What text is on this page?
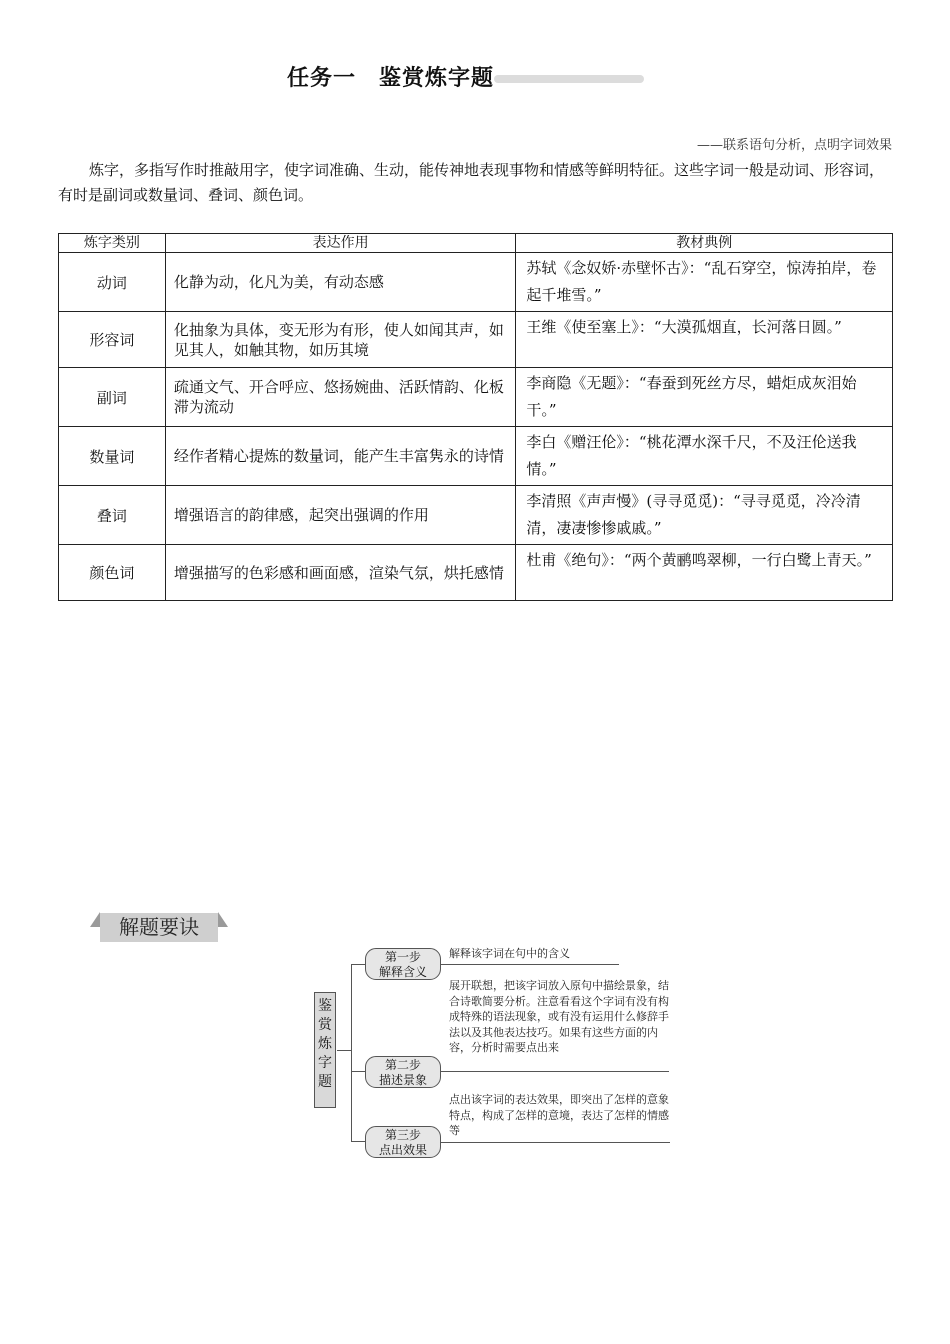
任务一　鉴赏炼字题
——联系语句分析，点明字词效果
炼字，多指写作时推敲用字，使字词准确、生动，能传神地表现事物和情感等鲜明特征。这些字词一般是动词、形容词，有时是副词或数量词、叠词、颜色词。
炼字类别	表达作用	教材典例
动词	化静为动，化凡为美，有动态感	苏轼《念奴娇·赤壁怀古》：“乱石穿空，惊涛拍岸，卷起千堆雪。”
形容词	化抽象为具体，变无形为有形，使人如闻其声，如见其人，如触其物，如历其境	王维《使至塞上》：“大漠孤烟直，长河落日圆。”
副词	疏通文气、开合呼应、悠扬婉曲、活跃情韵、化板滞为流动	李商隐《无题》：“春蚕到死丝方尽，蜡炬成灰泪始干。”
数量词	经作者精心提炼的数量词，能产生丰富隽永的诗情	李白《赠汪伦》：“桃花潭水深千尺，不及汪伦送我情。”
叠词	增强语言的韵律感，起突出强调的作用	李清照《声声慢》(寻寻觅觅)：“寻寻觅觅，冷冷清清，凄凄惨惨戚戚。”
颜色词	增强描写的色彩感和画面感，渲染气氛，烘托感情	杜甫《绝句》：“两个黄鹂鸣翠柳，一行白鹭上青天。”
解题要诀
鉴
赏
炼
字
题
第一步
解释含义
解释该字词在句中的含义
第二步
描述景象
展开联想，把该字词放入原句中描绘景象，结合诗歌简要分析。注意看看这个字词有没有构成特殊的语法现象，或有没有运用什么修辞手法以及其他表达技巧。如果有这些方面的内容，分析时需要点出来
第三步
点出效果
点出该字词的表达效果，即突出了怎样的意象特点，构成了怎样的意境，表达了怎样的情感等
